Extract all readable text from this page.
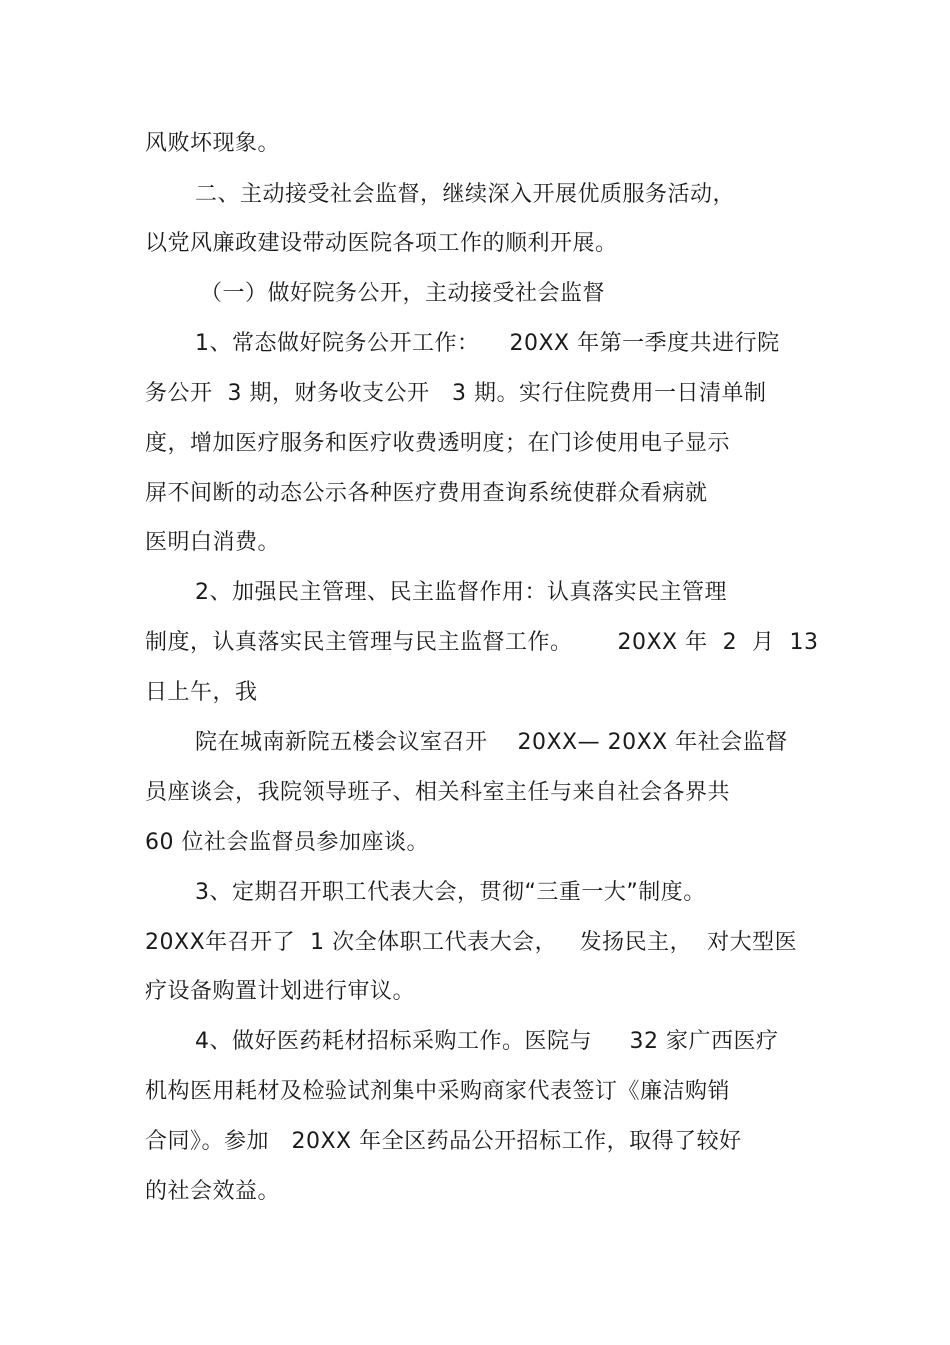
风败坏现象。
二、主动接受社会监督，继续深入开展优质服务活动，
以党风廉政建设带动医院各项工作的顺利开展。
（一）做好院务公开，主动接受社会监督
1、常态做好院务公开工作：    20XX 年第一季度共进行院
务公开  3 期，财务收支公开   3 期。实行住院费用一日清单制
度，增加医疗服务和医疗收费透明度；在门诊使用电子显示
屏不间断的动态公示各种医疗费用查询系统使群众看病就
医明白消费。
2、加强民主管理、民主监督作用：认真落实民主管理
制度，认真落实民主管理与民主监督工作。      20XX 年  2  月  13
日上午，我
院在城南新院五楼会议室召开    20XX— 20XX 年社会监督
员座谈会，我院领导班子、相关科室主任与来自社会各界共
60 位社会监督员参加座谈。
3、定期召开职工代表大会，贯彻“三重一大”制度。
20XX年召开了  1 次全体职工代表大会，   发扬民主，  对大型医
疗设备购置计划进行审议。
4、做好医药耗材招标采购工作。医院与     32 家广西医疗
机构医用耗材及检验试剂集中采购商家代表签订《廉洁购销
合同》。参加   20XX 年全区药品公开招标工作，取得了较好
的社会效益。
